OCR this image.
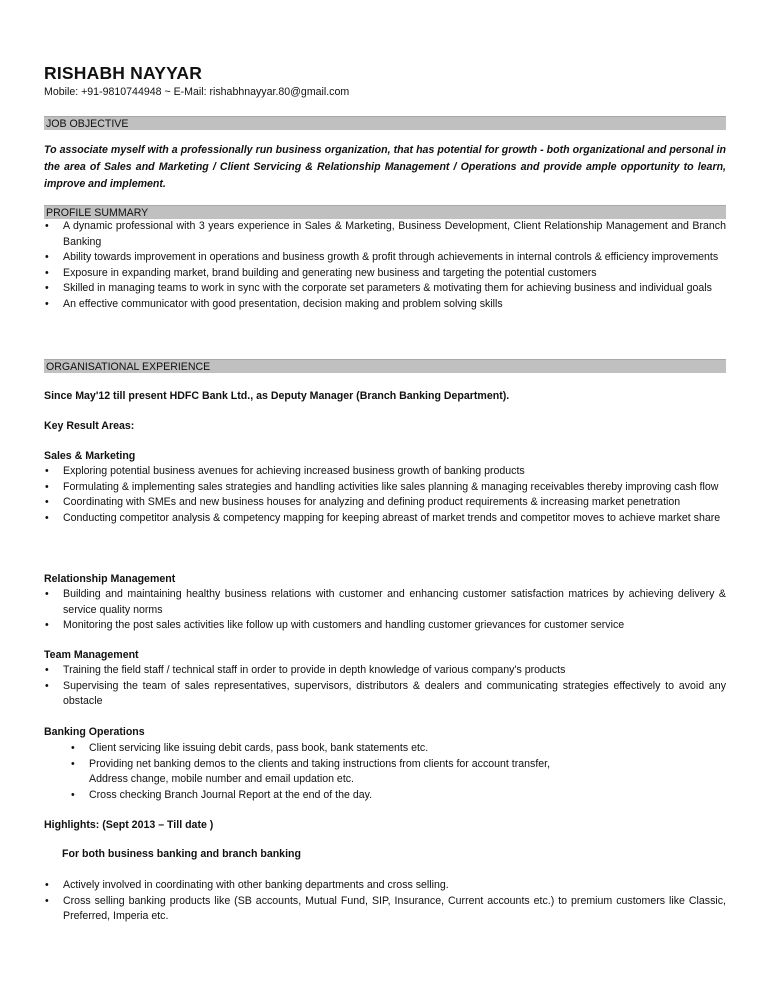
RISHABH NAYYAR
Mobile: +91-9810744948 ~ E-Mail: rishabhnayyar.80@gmail.com
JOB OBJECTIVE
To associate myself with a professionally run business organization, that has potential for growth - both organizational and personal in the area of Sales and Marketing / Client Servicing & Relationship Management / Operations and provide ample opportunity to learn, improve and implement.
PROFILE SUMMARY
• A dynamic professional with 3 years experience in Sales & Marketing, Business Development, Client Relationship Management and Branch Banking
• Ability towards improvement in operations and business growth & profit through achievements in internal controls & efficiency improvements
• Exposure in expanding market, brand building and generating new business and targeting the potential customers
• Skilled in managing teams to work in sync with the corporate set parameters & motivating them for achieving business and individual goals
• An effective communicator with good presentation, decision making and problem solving skills
ORGANISATIONAL EXPERIENCE
Since May'12 till present HDFC Bank Ltd., as Deputy Manager (Branch Banking Department).
Key Result Areas:
Sales & Marketing
• Exploring potential business avenues for achieving increased business growth of banking products
• Formulating & implementing sales strategies and handling activities like sales planning & managing receivables thereby improving cash flow
• Coordinating with SMEs and new business houses for analyzing and defining product requirements & increasing market penetration
• Conducting competitor analysis & competency mapping for keeping abreast of market trends and competitor moves to achieve market share
Relationship Management
• Building and maintaining healthy business relations with customer and enhancing customer satisfaction matrices by achieving delivery & service quality norms
• Monitoring the post sales activities like follow up with customers and handling customer grievances for customer service
Team Management
• Training the field staff / technical staff in order to provide in depth knowledge of various company's products
• Supervising the team of sales representatives, supervisors, distributors & dealers and communicating strategies effectively to avoid any obstacle
Banking Operations
• Client servicing like issuing debit cards, pass book, bank statements etc.
• Providing net banking demos to the clients and taking instructions from clients for account transfer,
Address change, mobile number and email updation etc.
• Cross checking Branch Journal Report at the end of the day.
Highlights: (Sept 2013 – Till date )
For both business banking and branch banking
• Actively involved in coordinating with other banking departments and cross selling.
• Cross selling banking products like (SB accounts, Mutual Fund, SIP, Insurance, Current accounts etc.) to premium customers like Classic, Preferred, Imperia etc.
